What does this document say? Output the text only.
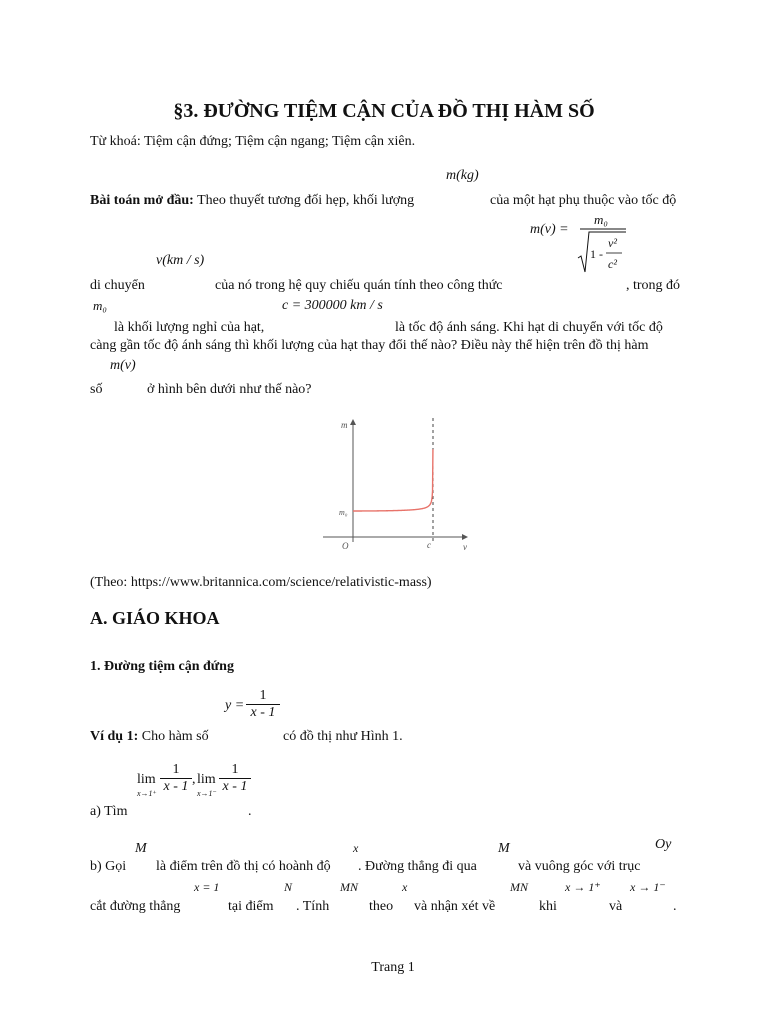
§3. ĐƯỜNG TIỆM CẬN CỦA ĐỒ THỊ HÀM SỐ
Từ khoá: Tiệm cận đứng; Tiệm cận ngang; Tiệm cận xiên.
m(kg)
Bài toán mở đầu: Theo thuyết tương đối hẹp, khối lượng	của một hạt phụ thuộc vào tốc độ
m(v) =
m₀
1 -
v²
c²
v(km / s)
di chuyển	của nó trong hệ quy chiếu quán tính theo công thức	, trong đó
m₀	c = 300000 km / s
là khối lượng nghỉ của hạt,	là tốc độ ánh sáng. Khi hạt di chuyển với tốc độ
càng gần tốc độ ánh sáng thì khối lượng của hạt thay đổi thế nào? Điều này thể hiện trên đồ thị hàm
m(v)
số	ở hình bên dưới như thế nào?
m
v
O
m₀
c
(Theo: https://www.britannica.com/science/relativistic-mass)
A. GIÁO KHOA
1. Đường tiệm cận đứng
$y = \frac{1}{x - 1}$
Ví dụ 1: Cho hàm số	có đồ thị như Hình 1.
lim
$x\to 1^+ \frac{1}{x - 1}$ , lim
$x\to 1^- \frac{1}{x - 1}$
a) Tìm	.
M	x	M	Oy
b) Gọi là điểm trên đồ thị có hoành độ . Đường thẳng đi qua	và vuông góc với trục
x = 1	N	MN	x	MN	x → 1⁺ x → 1⁻
cắt đường thẳng	tại điểm . Tính	theo và nhận xét về	khi	và	.
Trang 1
